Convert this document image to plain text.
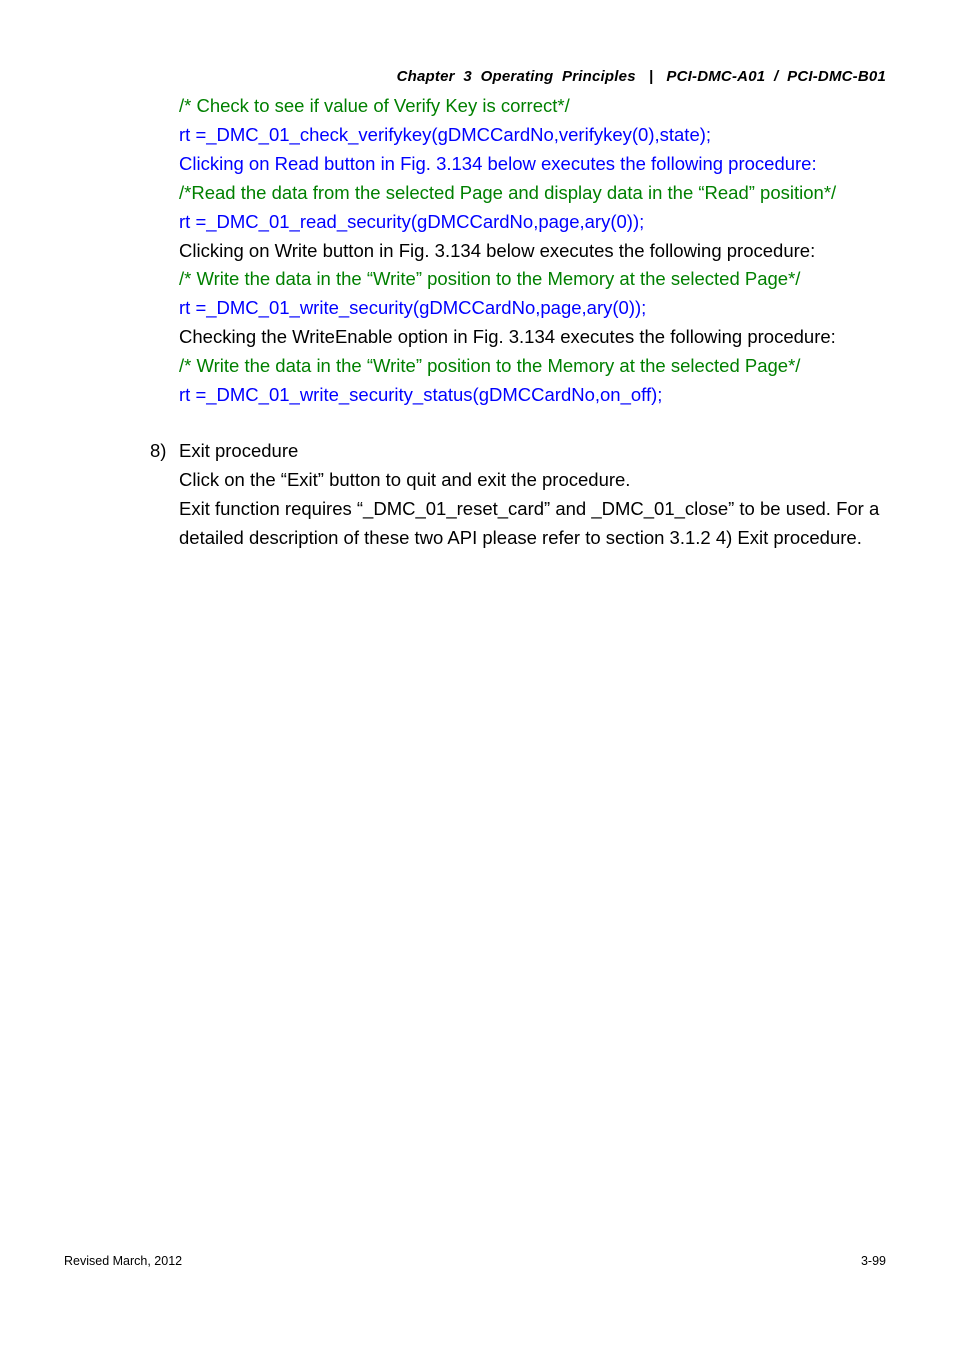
Chapter  3  Operating  Principles | PCI-DMC-A01  /  PCI-DMC-B01
/* Check to see if value of Verify Key is correct*/
rt =_DMC_01_check_verifykey(gDMCCardNo,verifykey(0),state);
Clicking on Read button in Fig. 3.134 below executes the following procedure:
/*Read the data from the selected Page and display data in the “Read” position*/
rt =_DMC_01_read_security(gDMCCardNo,page,ary(0));
Clicking on Write button in Fig. 3.134 below executes the following procedure:
/* Write the data in the “Write” position to the Memory at the selected Page*/
rt =_DMC_01_write_security(gDMCCardNo,page,ary(0));
Checking the WriteEnable option in Fig. 3.134 executes the following procedure:
/* Write the data in the “Write” position to the Memory at the selected Page*/
rt =_DMC_01_write_security_status(gDMCCardNo,on_off);
8) Exit procedure
Click on the “Exit” button to quit and exit the procedure.
Exit function requires “_DMC_01_reset_card” and _DMC_01_close” to be used. For a detailed description of these two API please refer to section 3.1.2 4) Exit procedure.
Revised March, 2012	3-99
